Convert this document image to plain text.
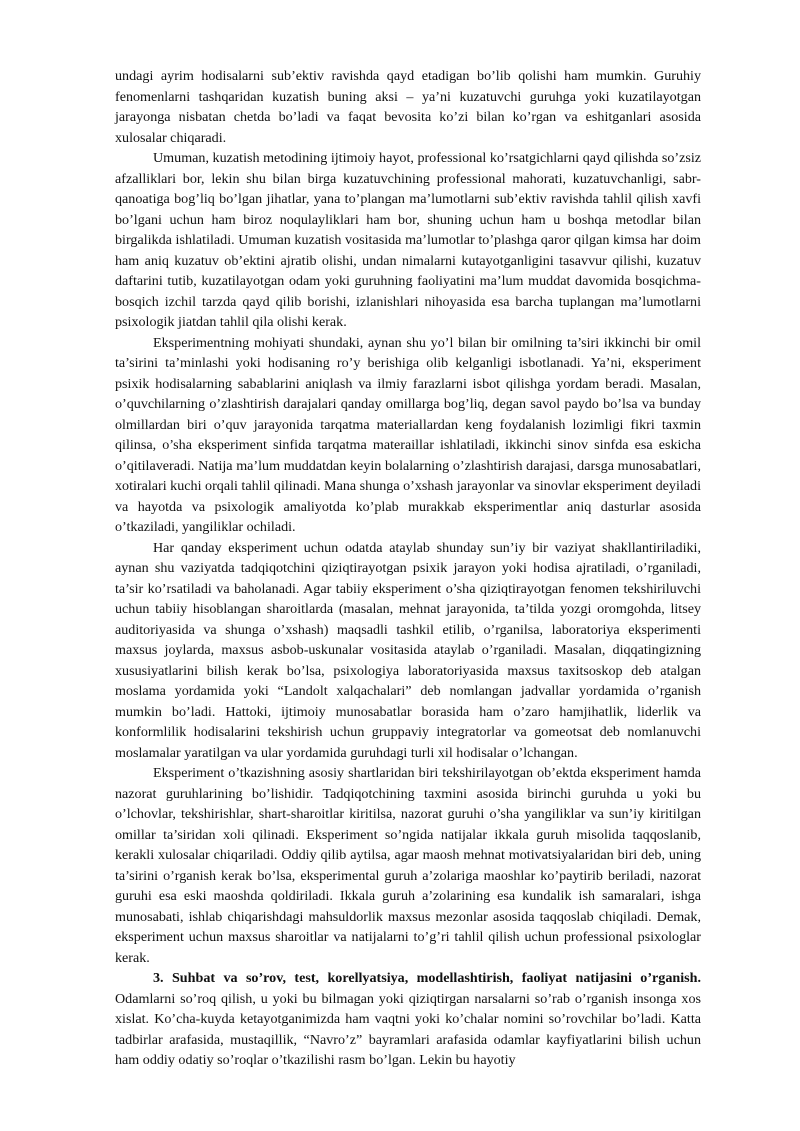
undagi ayrim hodisalarni sub’ektiv ravishda qayd etadigan bo’lib qolishi ham mumkin. Guruhiy fenomenlarni tashqaridan kuzatish buning aksi – ya’ni kuzatuvchi guruhga yoki kuzatilayotgan jarayonga nisbatan chetda bo’ladi va faqat bevosita ko’zi bilan ko’rgan va eshitganlari asosida xulosalar chiqaradi.

Umuman, kuzatish metodining ijtimoiy hayot, professional ko’rsatgichlarni qayd qilishda so’zsiz afzalliklari bor, lekin shu bilan birga kuzatuvchining professional mahorati, kuzatuvchanligi, sabr-qanoatiga bog’liq bo’lgan jihatlar, yana to’plangan ma’lumotlarni sub’ektiv ravishda tahlil qilish xavfi bo’lgani uchun ham biroz noqulayliklari ham bor, shuning uchun ham u boshqa metodlar bilan birgalikda ishlatiladi. Umuman kuzatish vositasida ma’lumotlar to’plashga qaror qilgan kimsa har doim ham aniq kuzatuv ob’ektini ajratib olishi, undan nimalarni kutayotganligini tasavvur qilishi, kuzatuv daftarini tutib, kuzatilayotgan odam yoki guruhning faoliyatini ma’lum muddat davomida bosqichma-bosqich izchil tarzda qayd qilib borishi, izlanishlari nihoyasida esa barcha tuplangan ma’lumotlarni psixologik jiatdan tahlil qila olishi kerak.

Eksperimentning mohiyati shundaki, aynan shu yo’l bilan bir omilning ta’siri ikkinchi bir omil ta’sirini ta’minlashi yoki hodisaning ro’y berishiga olib kelganligi isbotlanadi. Ya’ni, eksperiment psixik hodisalarning sabablarini aniqlash va ilmiy farazlarni isbot qilishga yordam beradi. Masalan, o’quvchilarning o’zlashtirish darajalari qanday omillarga bog’liq, degan savol paydo bo’lsa va bunday olmillardan biri o’quv jarayonida tarqatma materiallardan keng foydalanish lozimligi fikri taxmin qilinsa, o’sha eksperiment sinfida tarqatma materaillar ishlatiladi, ikkinchi sinov sinfda esa eskicha o’qitilaveradi. Natija ma’lum muddatdan keyin bolalarning o’zlashtirish darajasi, darsga munosabatlari, xotiralari kuchi orqali tahlil qilinadi. Mana shunga o’xshash jarayonlar va sinovlar eksperiment deyiladi va hayotda va psixologik amaliyotda ko’plab murakkab eksperimentlar aniq dasturlar asosida o’tkaziladi, yangiliklar ochiladi.

Har qanday eksperiment uchun odatda ataylab shunday sun’iy bir vaziyat shakllantiriladiki, aynan shu vaziyatda tadqiqotchini qiziqtirayotgan psixik jarayon yoki hodisa ajratiladi, o’rganiladi, ta’sir ko’rsatiladi va baholanadi. Agar tabiiy eksperiment o’sha qiziqtirayotgan fenomen tekshiriluvchi uchun tabiiy hisoblangan sharoitlarda (masalan, mehnat jarayonida, ta’tilda yozgi oromgohda, litsey auditoriyasida va shunga o’xshash) maqsadli tashkil etilib, o’rganilsa, laboratoriya eksperimenti maxsus joylarda, maxsus asbob-uskunalar vositasida ataylab o’rganiladi. Masalan, diqqatingizning xususiyatlarini bilish kerak bo’lsa, psixologiya laboratoriyasida maxsus taxitsoskop deb atalgan moslama yordamida yoki “Landolt xalqachalari” deb nomlangan jadvallar yordamida o’rganish mumkin bo’ladi. Hattoki, ijtimoiy munosabatlar borasida ham o’zaro hamjihatlik, liderlik va konformlilik hodisalarini tekshirish uchun gruppaviy integratorlar va gomeotsat deb nomlanuvchi moslamalar yaratilgan va ular yordamida guruhdagi turli xil hodisalar o’lchangan.

Eksperiment o’tkazishning asosiy shartlaridan biri tekshirilayotgan ob’ektda eksperiment hamda nazorat guruhlarining bo’lishidir. Tadqiqotchining taxmini asosida birinchi guruhda u yoki bu o’lchovlar, tekshirishlar, shart-sharoitlar kiritilsa, nazorat guruhi o’sha yangiliklar va sun’iy kiritilgan omillar ta’siridan xoli qilinadi. Eksperiment so’ngida natijalar ikkala guruh misolida taqqoslanib, kerakli xulosalar chiqariladi. Oddiy qilib aytilsa, agar maosh mehnat motivatsiyalaridan biri deb, uning ta’sirini o’rganish kerak bo’lsa, eksperimental guruh a’zolariga maoshlar ko’paytirib beriladi, nazorat guruhi esa eski maoshda qoldiriladi. Ikkala guruh a’zolarining esa kundalik ish samaralari, ishga munosabati, ishlab chiqarishdagi mahsuldorlik maxsus mezonlar asosida taqqoslab chiqiladi. Demak, eksperiment uchun maxsus sharoitlar va natijalarni to’g’ri tahlil qilish uchun professional psixologlar kerak.

3. Suhbat va so’rov, test, korellyatsiya, modellashtirish, faoliyat natijasini o’rganish. Odamlarni so’roq qilish, u yoki bu bilmagan yoki qiziqtirgan narsalarni so’rab o’rganish insonga xos xislat. Ko’cha-kuyda ketayotganimizda ham vaqtni yoki ko’chalar nomini so’rovchilar bo’ladi. Katta tadbirlar arafasida, mustaqillik, “Navro’z” bayramlari arafasida odamlar kayfiyatlarini bilish uchun ham oddiy odatiy so’roqlar o’tkazilishi rasm bo’lgan. Lekin bu hayotiy
